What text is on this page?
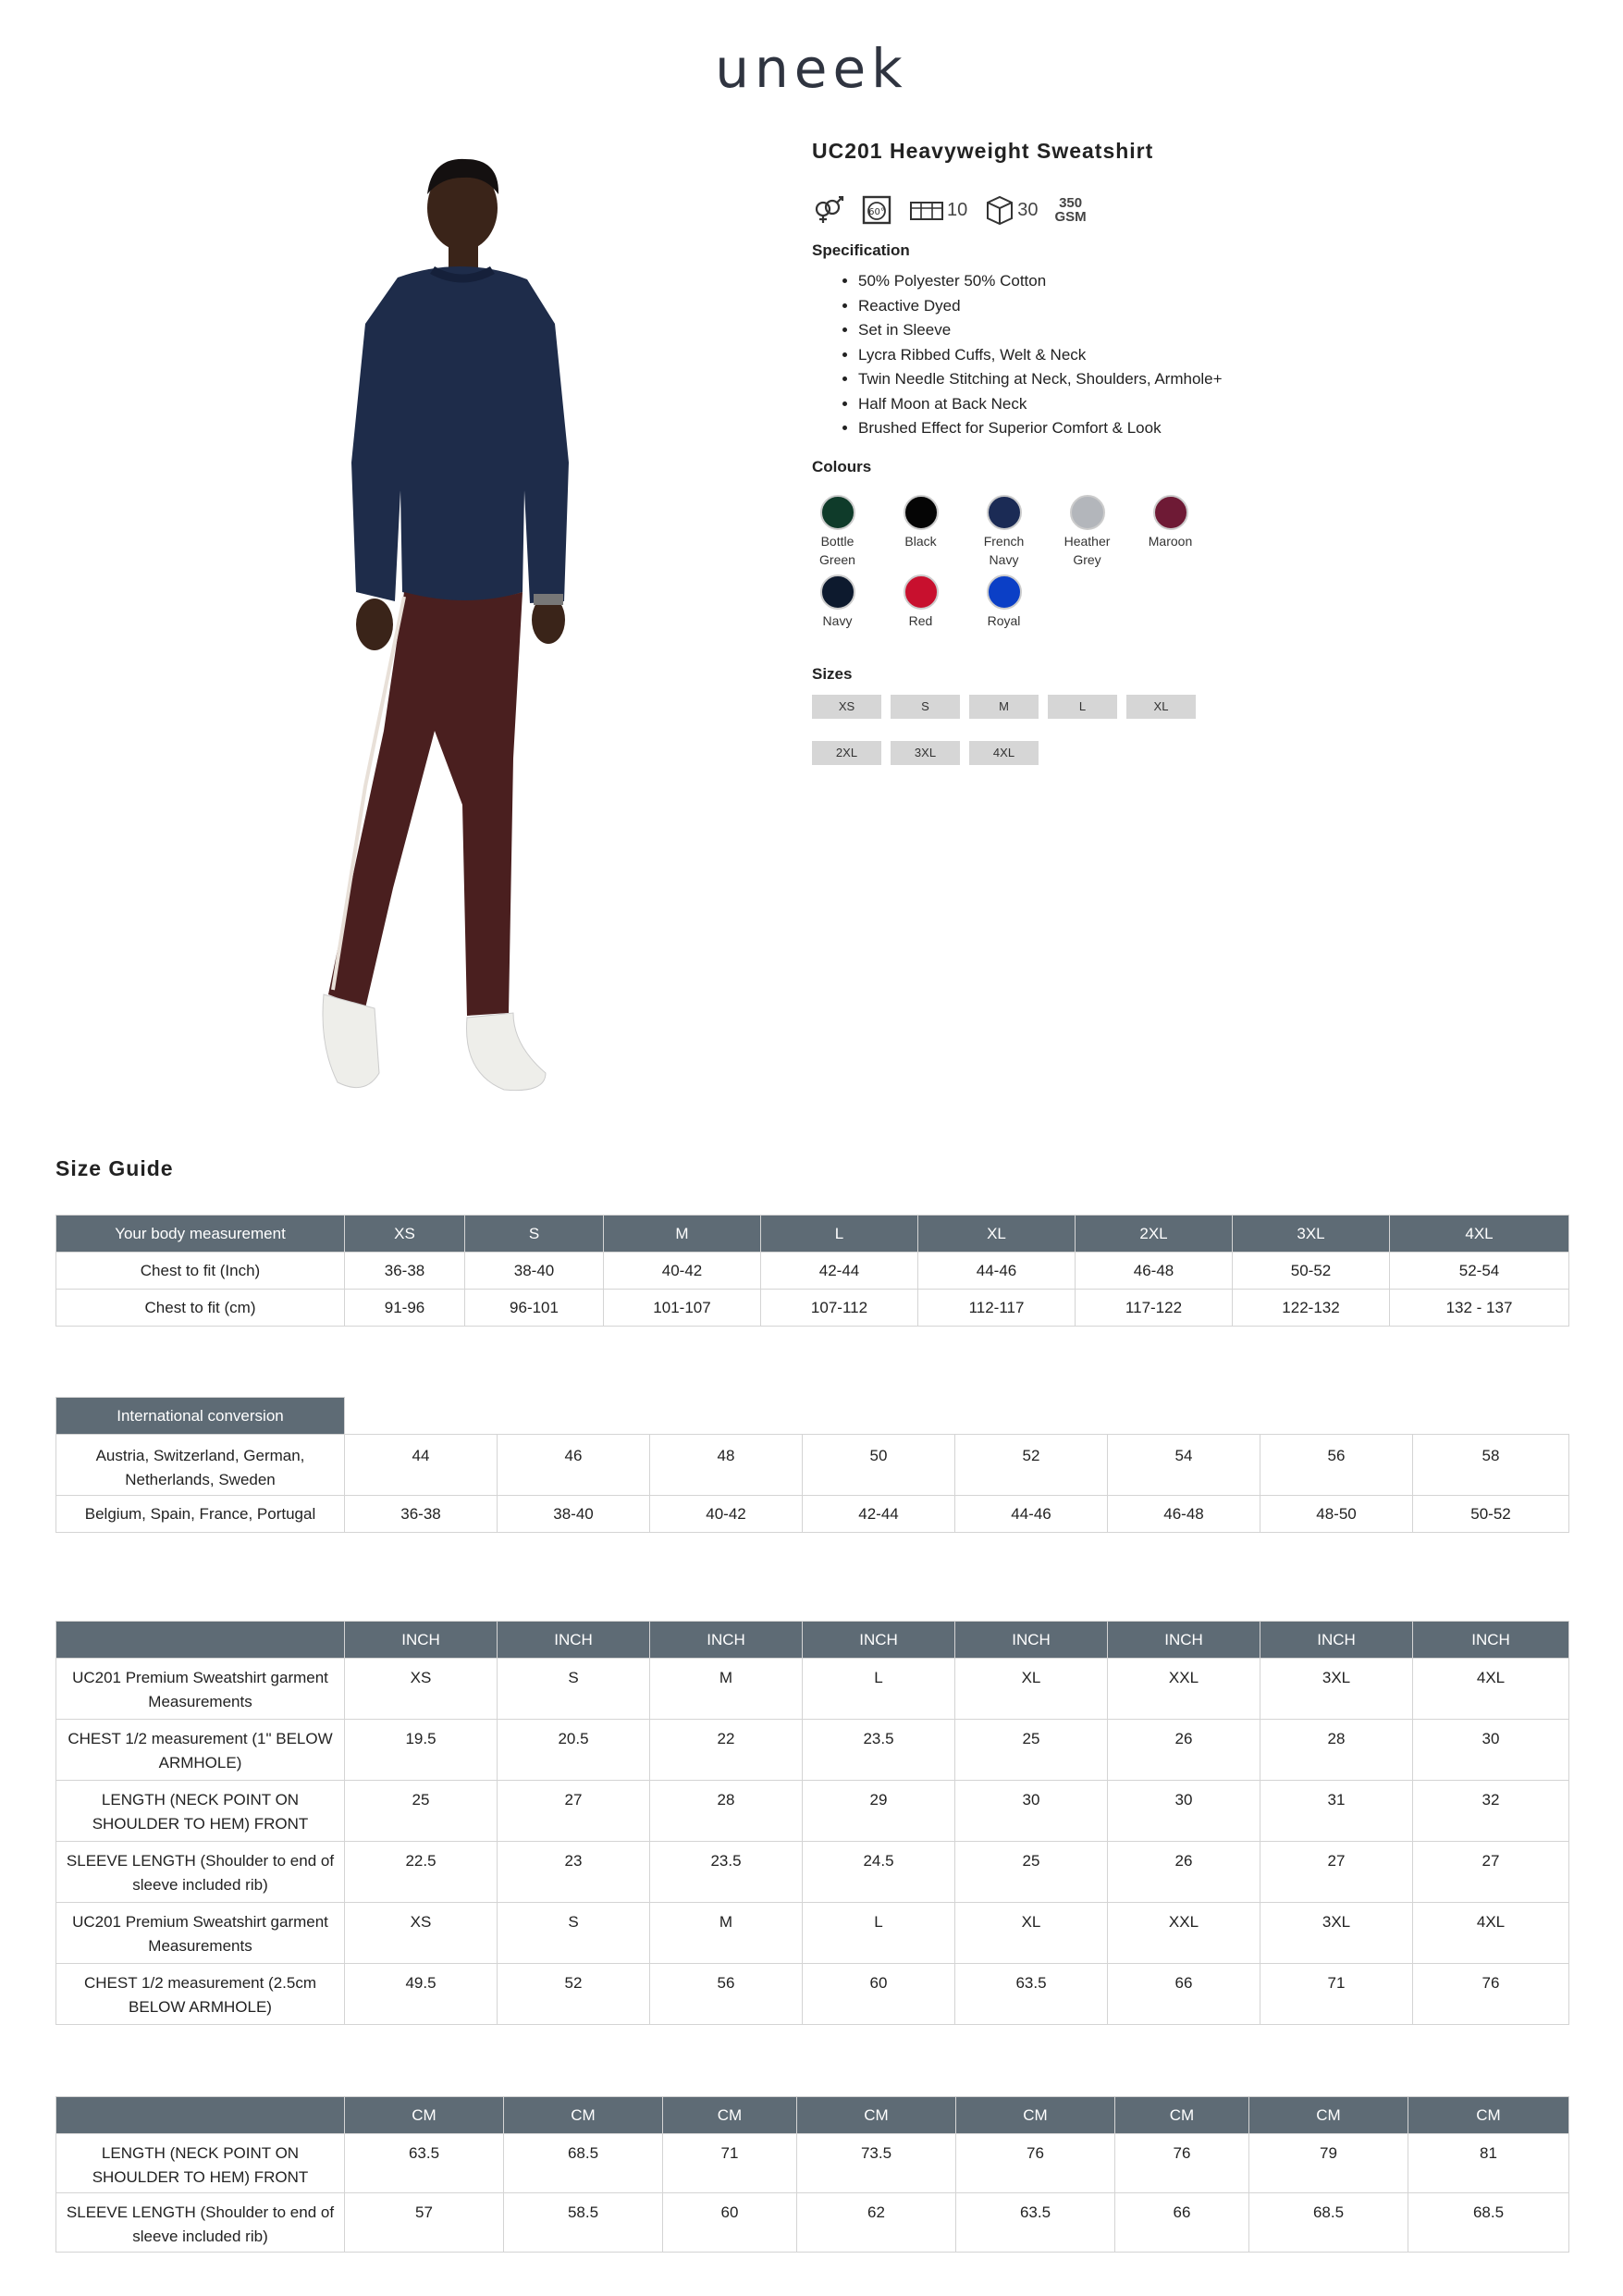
uneek
UC201 Heavyweight Sweatshirt
60°	10	30 350
GSM
Specification
• 50% Polyester 50% Cotton
• Reactive Dyed
• Set in Sleeve
• Lycra Ribbed Cuffs, Welt & Neck
• Twin Needle Stitching at Neck, Shoulders, Armhole+
• Half Moon at Back Neck
• Brushed Effect for Superior Comfort & Look
Colours
Bottle Green
Black	French Navy
Heather Grey
Maroon
Navy	Red	Royal
Sizes
XS	S	M	L	XL
2XL	3XL	4XL
Size Guide
Your body measurement	XS	S	M	L	XL	2XL	3XL	4XL
Chest to fit (Inch)	36-38	38-40	40-42	42-44	44-46	46-48	50-52	52-54
Chest to fit (cm)	91-96	96-101	101-107	107-112	112-117	117-122	122-132	132 - 137
International conversion								
Austria, Switzerland, German, Netherlands, Sweden	44	46	48	50	52	54	56	58
Belgium, Spain, France, Portugal	36-38	38-40	40-42	42-44	44-46	46-48	48-50	50-52
	INCH	INCH	INCH	INCH	INCH	INCH	INCH	INCH
UC201 Premium Sweatshirt garment Measurements	XS	S	M	L	XL	XXL	3XL	4XL
CHEST 1/2 measurement (1" BELOW ARMHOLE)	19.5	20.5	22	23.5	25	26	28	30
LENGTH (NECK POINT ON SHOULDER TO HEM) FRONT	25	27	28	29	30	30	31	32
SLEEVE LENGTH (Shoulder to end of sleeve included rib)	22.5	23	23.5	24.5	25	26	27	27
UC201 Premium Sweatshirt garment Measurements	XS	S	M	L	XL	XXL	3XL	4XL
CHEST 1/2 measurement (2.5cm BELOW ARMHOLE)	49.5	52	56	60	63.5	66	71	76
	CM	CM	CM	CM	CM	CM	CM	CM
LENGTH (NECK POINT ON SHOULDER TO HEM) FRONT	63.5	68.5	71	73.5	76	76	79	81
SLEEVE LENGTH (Shoulder to end of sleeve included rib)	57	58.5	60	62	63.5	66	68.5	68.5
